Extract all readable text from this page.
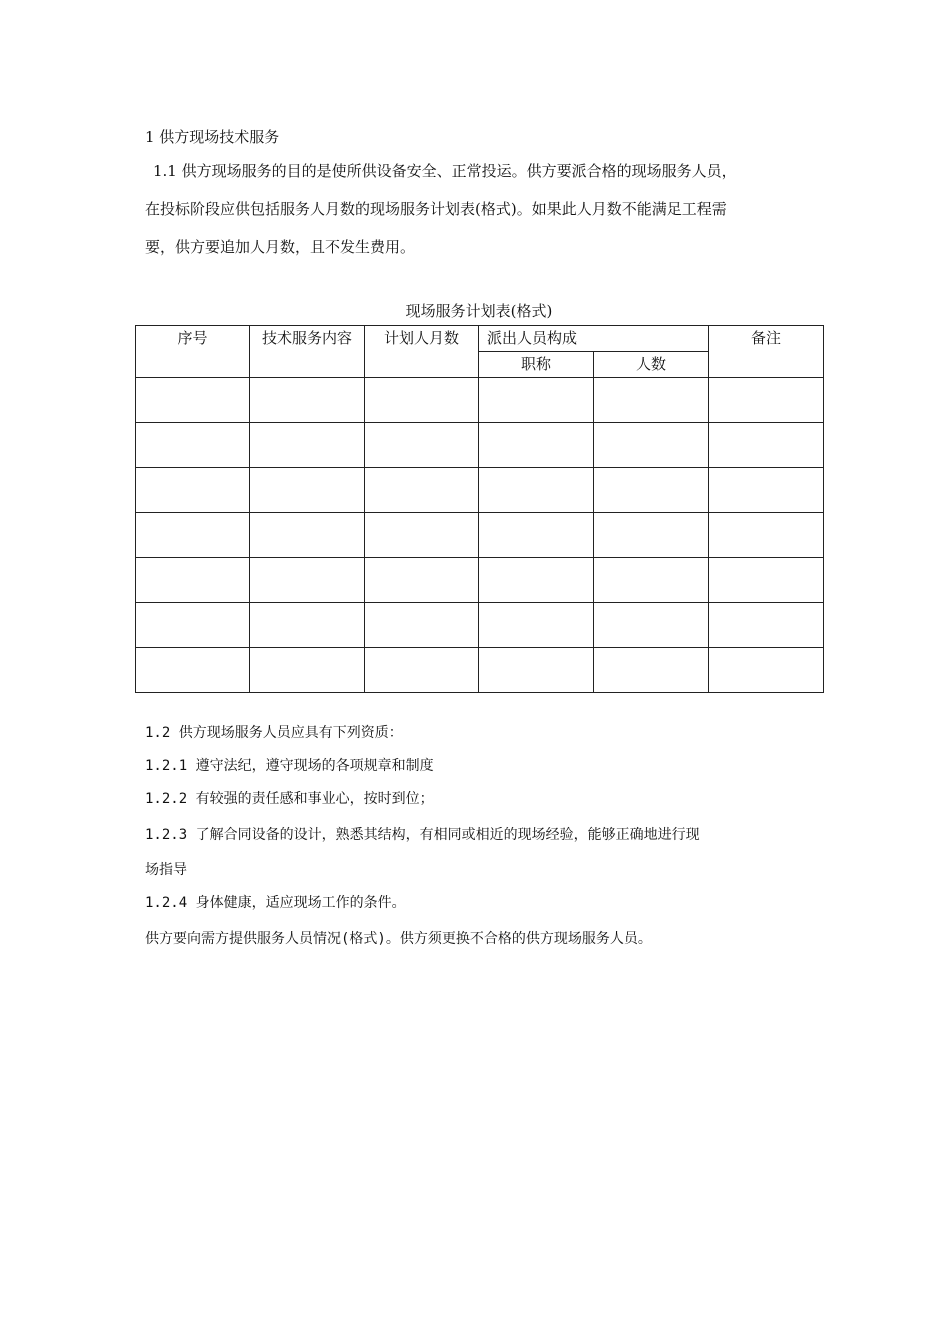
1 供方现场技术服务
1.1 供方现场服务的目的是使所供设备安全、正常投运。供方要派合格的现场服务人员，
在投标阶段应供包括服务人月数的现场服务计划表(格式)。如果此人月数不能满足工程需
要，供方要追加人月数，且不发生费用。
现场服务计划表(格式)
序号	技术服务内容	计划人月数	派出人员构成		备注
			职称	人数	

1.2 供方现场服务人员应具有下列资质：
1.2.1 遵守法纪，遵守现场的各项规章和制度
1.2.2 有较强的责任感和事业心，按时到位；
1.2.3 了解合同设备的设计，熟悉其结构，有相同或相近的现场经验，能够正确地进行现
场指导
1.2.4 身体健康，适应现场工作的条件。
供方要向需方提供服务人员情况(格式)。供方须更换不合格的供方现场服务人员。
